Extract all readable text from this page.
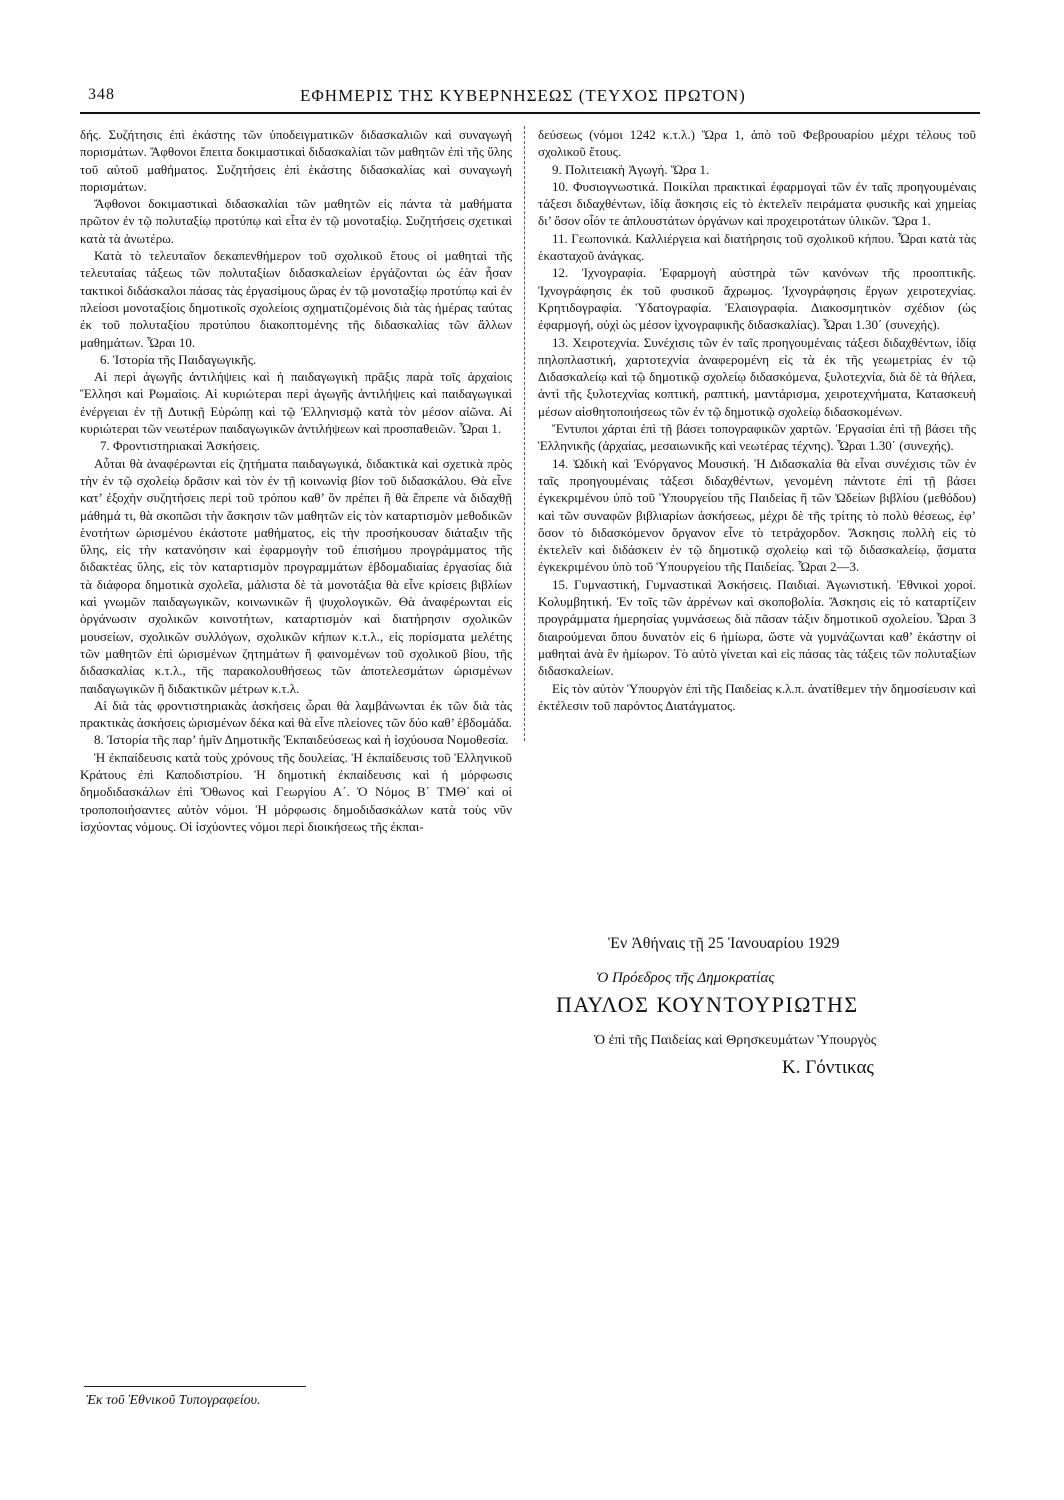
348	ΕΦΗΜΕΡΙΣ ΤΗΣ ΚΥΒΕΡΝΗΣΕΩΣ (ΤΕΥΧΟΣ ΠΡΩΤΟΝ)

δής. Συζήτησις ἐπὶ ἑκάστης τῶν ὑποδειγματικῶν διδασκαλιῶν καὶ συναγωγὴ πορισμάτων. Ἄφθονοι ἔπειτα δοκιμαστικαὶ διδασκαλίαι τῶν μαθητῶν ἐπὶ τῆς ὕλης τοῦ αὐτοῦ μαθήματος. Συζητήσεις ἐπὶ ἑκάστης διδασκαλίας καὶ συναγωγὴ πορισμάτων.

Ἄφθονοι δοκιμαστικαὶ διδασκαλίαι τῶν μαθητῶν εἰς πάντα τὰ μαθήματα πρῶτον ἐν τῷ πολυταξίῳ προτύπῳ καὶ εἶτα ἐν τῷ μονοταξίῳ. Συζητήσεις σχετικαὶ κατὰ τὰ ἀνωτέρω.

Κατὰ τὸ τελευταῖον δεκαπενθήμερον τοῦ σχολικοῦ ἔτους οἱ μαθηταὶ τῆς τελευταίας τάξεως τῶν πολυταξίων διδασκαλείων ἐργάζονται ὡς ἐὰν ἦσαν τακτικοὶ διδάσκαλοι πάσας τὰς ἐργασίμους ὥρας ἐν τῷ μονοταξίῳ προτύπῳ καὶ ἐν πλείοσι μονοταξίοις δημοτικοῖς σχολείοις σχηματιζομένοις διὰ τὰς ἡμέρας ταύτας ἐκ τοῦ πολυταξίου προτύπου διακοπτομένης τῆς διδασκαλίας τῶν ἄλλων μαθημάτων. Ὧραι 10.

6. Ἱστορία τῆς Παιδαγωγικῆς.

Αἱ περὶ ἀγωγῆς ἀντιλήψεις καὶ ἡ παιδαγωγικὴ πρᾶξις παρὰ τοῖς ἀρχαίοις Ἕλλησι καὶ Ρωμαίοις. Αἱ κυριώτεραι περὶ ἀγωγῆς ἀντιλήψεις καὶ παιδαγωγικαὶ ἐνέργειαι ἐν τῇ Δυτικῇ Εὐρώπῃ καὶ τῷ Ἑλληνισμῷ κατὰ τὸν μέσον αἰῶνα. Αἱ κυριώτεραι τῶν νεωτέρων παιδαγωγικῶν ἀντιλήψεων καὶ προσπαθειῶν. Ὧραι 1.

7. Φροντιστηριακαὶ Ἀσκήσεις.

Αὗται θὰ ἀναφέρωνται εἰς ζητήματα παιδαγωγικά, διδακτικὰ καὶ σχετικὰ πρὸς τὴν ἐν τῷ σχολείῳ δρᾶσιν καὶ τὸν ἐν τῇ κοινωνίᾳ βίον τοῦ διδασκάλου. Θὰ εἶνε κατ’ ἐξοχὴν συζητήσεις περὶ τοῦ τρόπου καθ’ ὃν πρέπει ἢ θὰ ἔπρεπε νὰ διδαχθῇ μάθημά τι, θὰ σκοπῶσι τὴν ἄσκησιν τῶν μαθητῶν εἰς τὸν καταρτισμὸν μεθοδικῶν ἑνοτήτων ὡρισμένου ἑκάστοτε μαθήματος, εἰς τὴν προσήκουσαν διάταξιν τῆς ὕλης, εἰς τὴν κατανόησιν καὶ ἐφαρμογὴν τοῦ ἐπισήμου προγράμματος τῆς διδακτέας ὕλης, εἰς τὸν καταρτισμὸν προγραμμάτων ἑβδομαδιαίας ἐργασίας διὰ τὰ διάφορα δημοτικὰ σχολεῖα, μάλιστα δὲ τὰ μονοτάξια θὰ εἶνε κρίσεις βιβλίων καὶ γνωμῶν παιδαγωγικῶν, κοινωνικῶν ἢ ψυχολογικῶν. Θὰ ἀναφέρωνται εἰς ὀργάνωσιν σχολικῶν κοινοτήτων, καταρτισμὸν καὶ διατήρησιν σχολικῶν μουσείων, σχολικῶν συλλόγων, σχολικῶν κήπων κ.τ.λ., εἰς πορίσματα μελέτης τῶν μαθητῶν ἐπὶ ὡρισμένων ζητημάτων ἢ φαινομένων τοῦ σχολικοῦ βίου, τῆς διδασκαλίας κ.τ.λ., τῆς παρακολουθήσεως τῶν ἀποτελεσμάτων ὡρισμένων παιδαγωγικῶν ἢ διδακτικῶν μέτρων κ.τ.λ.

Αἱ διὰ τὰς φροντιστηριακὰς ἀσκήσεις ὧραι θὰ λαμβάνωνται ἐκ τῶν διὰ τὰς πρακτικὰς ἀσκήσεις ὡρισμένων δέκα καὶ θὰ εἶνε πλείονες τῶν δύο καθ’ ἑβδομάδα.

8. Ἱστορία τῆς παρ’ ἡμῖν Δημοτικῆς Ἐκπαιδεύσεως καὶ ἡ ἰσχύουσα Νομοθεσία.

Ἡ ἐκπαίδευσις κατὰ τοὺς χρόνους τῆς δουλείας. Ἡ ἐκπαίδευσις τοῦ Ἑλληνικοῦ Κράτους ἐπὶ Καποδιστρίου. Ἡ δημοτικὴ ἐκπαίδευσις καὶ ἡ μόρφωσις δημοδιδασκάλων ἐπὶ Ὄθωνος καὶ Γεωργίου Α΄. Ὁ Νόμος Β΄ ΤΜΘ΄ καὶ οἱ τροποποιήσαντες αὐτὸν νόμοι. Ἡ μόρφωσις δημοδιδασκάλων κατὰ τοὺς νῦν ἰσχύοντας νόμους. Οἱ ἰσχύοντες νόμοι περὶ διοικήσεως τῆς ἐκπαι-

δεύσεως (νόμοι 1242 κ.τ.λ.) Ὥρα 1, ἀπὸ τοῦ Φεβρουαρίου μέχρι τέλους τοῦ σχολικοῦ ἔτους.

9. Πολιτειακὴ Ἀγωγή. Ὥρα 1.

10. Φυσιογνωστικά. Ποικίλαι πρακτικαὶ ἐφαρμογαὶ τῶν ἐν ταῖς προηγουμέναις τάξεσι διδαχθέντων, ἰδίᾳ ἄσκησις εἰς τὸ ἐκτελεῖν πειράματα φυσικῆς καὶ χημείας δι’ ὅσον οἷόν τε ἁπλουστάτων ὀργάνων καὶ προχειροτάτων ὑλικῶν. Ὥρα 1.

11. Γεωπονικά. Καλλιέργεια καὶ διατήρησις τοῦ σχολικοῦ κήπου. Ὧραι κατὰ τὰς ἑκασταχοῦ ἀνάγκας.

12. Ἰχνογραφία. Ἐφαρμογὴ αὐστηρὰ τῶν κανόνων τῆς προοπτικῆς. Ἰχνογράφησις ἐκ τοῦ φυσικοῦ ἄχρωμος. Ἰχνογράφησις ἔργων χειροτεχνίας. Κρητιδογραφία. Ὑδατογραφία. Ἐλαιογραφία. Διακοσμητικὸν σχέδιον (ὡς ἐφαρμογή, οὐχὶ ὡς μέσον ἰχνογραφικῆς διδασκαλίας). Ὧραι 1.30΄ (συνεχής).

13. Χειροτεχνία. Συνέχισις τῶν ἐν ταῖς προηγουμέναις τάξεσι διδαχθέντων, ἰδίᾳ πηλοπλαστική, χαρτοτεχνία ἀναφερομένη εἰς τὰ ἐκ τῆς γεωμετρίας ἐν τῷ Διδασκαλείῳ καὶ τῷ δημοτικῷ σχολείῳ διδασκόμενα, ξυλοτεχνία, διὰ δὲ τὰ θήλεα, ἀντὶ τῆς ξυλοτεχνίας κοπτική, ραπτική, μαντάρισμα, χειροτεχνήματα, Κατασκευὴ μέσων αἰσθητοποιήσεως τῶν ἐν τῷ δημοτικῷ σχολείῳ διδασκομένων.

Ἔντυποι χάρται ἐπὶ τῇ βάσει τοπογραφικῶν χαρτῶν. Ἐργασίαι ἐπὶ τῇ βάσει τῆς Ἑλληνικῆς (ἀρχαίας, μεσαιωνικῆς καὶ νεωτέρας τέχνης). Ὧραι 1.30΄ (συνεχής).

14. Ὠδικὴ καὶ Ἐνόργανος Μουσική. Ἡ Διδασκαλία θὰ εἶναι συνέχισις τῶν ἐν ταῖς προηγουμέναις τάξεσι διδαχθέντων, γενομένη πάντοτε ἐπὶ τῇ βάσει ἐγκεκριμένου ὑπὸ τοῦ Ὑπουργείου τῆς Παιδείας ἢ τῶν Ὠδείων βιβλίου (μεθόδου) καὶ τῶν συναφῶν βιβλιαρίων ἀσκήσεως, μέχρι δὲ τῆς τρίτης τὸ πολὺ θέσεως, ἐφ’ ὅσον τὸ διδασκόμενον ὄργανον εἶνε τὸ τετράχορδον. Ἄσκησις πολλὴ εἰς τὸ ἐκτελεῖν καὶ διδάσκειν ἐν τῷ δημοτικῷ σχολείῳ καὶ τῷ διδασκαλείῳ, ᾄσματα ἐγκεκριμένου ὑπὸ τοῦ Ὑπουργείου τῆς Παιδείας. Ὧραι 2—3.

15. Γυμναστική, Γυμναστικαὶ Ἀσκήσεις. Παιδιαί. Ἀγωνιστική. Ἐθνικοὶ χοροί. Κολυμβητική. Ἐν τοῖς τῶν ἀρρένων καὶ σκοποβολία. Ἄσκησις εἰς τὸ καταρτίζειν προγράμματα ἡμερησίας γυμνάσεως διὰ πᾶσαν τάξιν δημοτικοῦ σχολείου. Ὧραι 3 διαιρούμεναι ὅπου δυνατὸν εἰς 6 ἡμίωρα, ὥστε νὰ γυμνάζωνται καθ’ ἑκάστην οἱ μαθηταὶ ἀνὰ ἓν ἡμίωρον. Τὸ αὐτὸ γίνεται καὶ εἰς πάσας τὰς τάξεις τῶν πολυταξίων διδασκαλείων.

Εἰς τὸν αὐτὸν Ὑπουργὸν ἐπὶ τῆς Παιδείας κ.λ.π. ἀνατίθεμεν τὴν δημοσίευσιν καὶ ἐκτέλεσιν τοῦ παρόντος Διατάγματος.

Ἐν Ἀθήναις τῇ 25 Ἰανουαρίου 1929
Ὁ Πρόεδρος τῆς Δημοκρατίας
ΠΑΥΛΟΣ ΚΟΥΝΤΟΥΡΙΩΤΗΣ
Ὁ ἐπὶ τῆς Παιδείας καὶ Θρησκευμάτων Ὑπουργὸς
Κ. Γόντικας
Ἐκ τοῦ Ἐθνικοῦ Τυπογραφείου.
